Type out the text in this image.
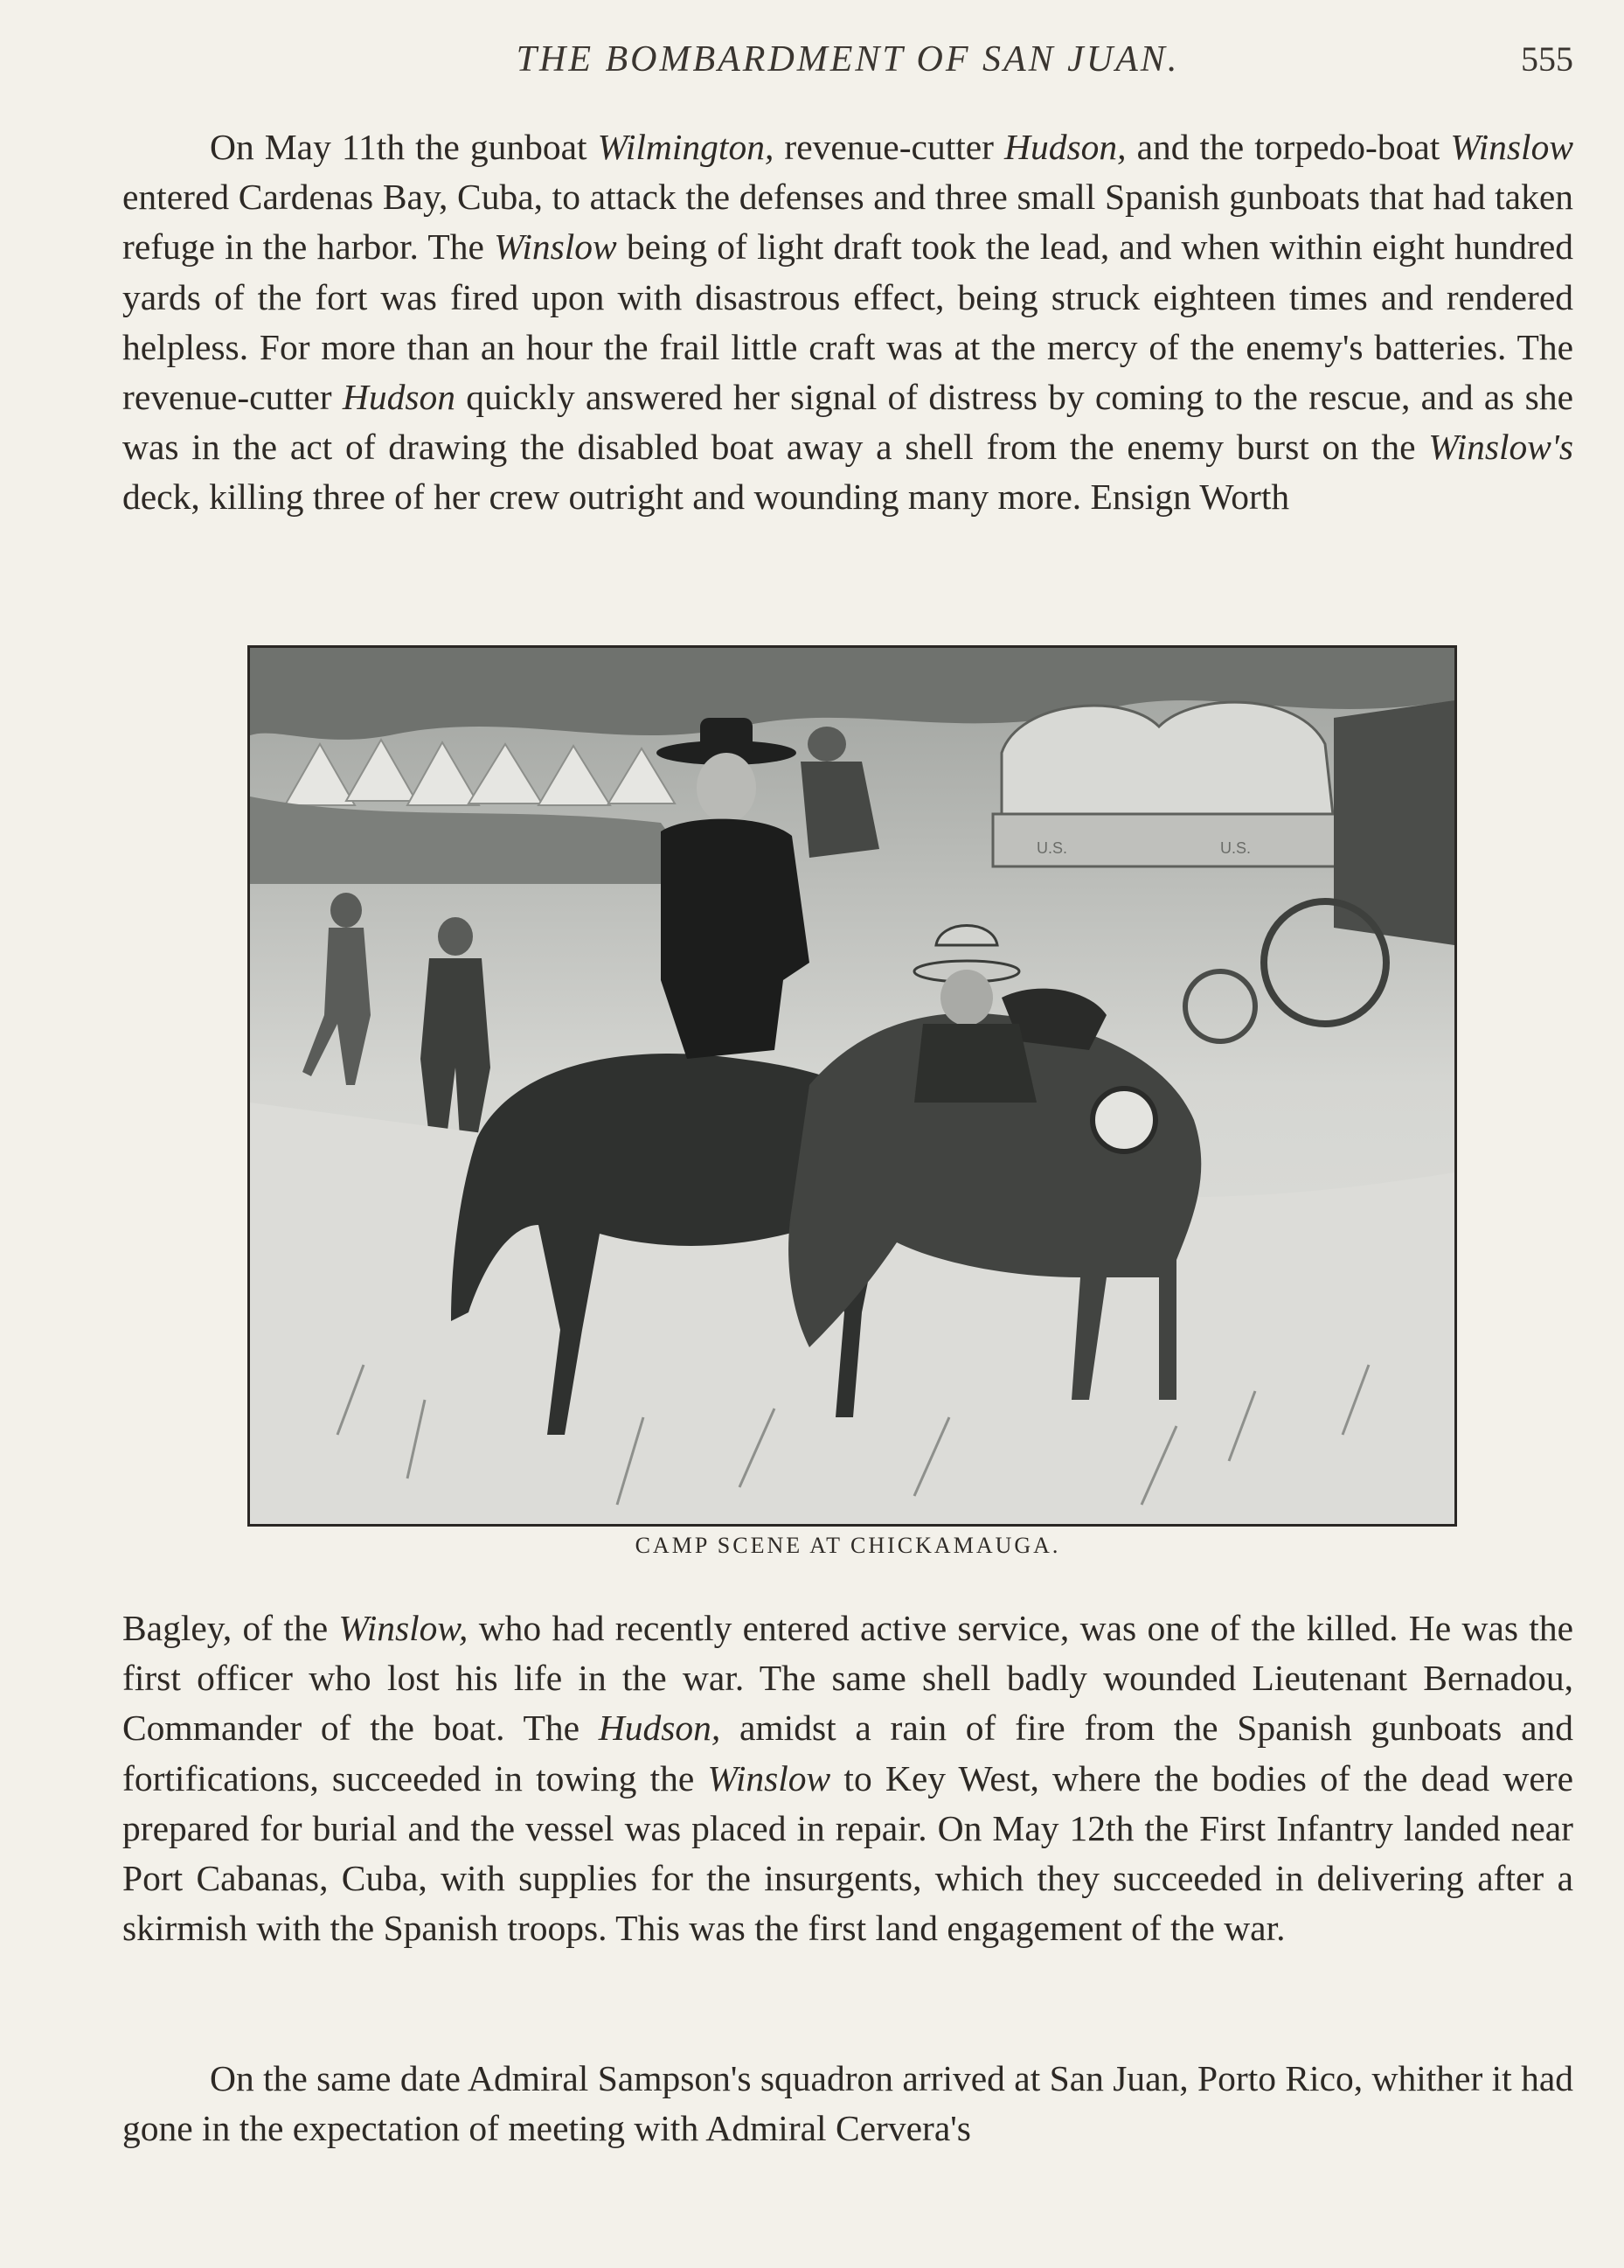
THE BOMBARDMENT OF SAN JUAN.	555

On May 11th the gunboat Wilmington, revenue-cutter Hudson, and the torpedo-boat Winslow entered Cardenas Bay, Cuba, to attack the defenses and three small Spanish gunboats that had taken refuge in the harbor. The Winslow being of light draft took the lead, and when within eight hundred yards of the fort was fired upon with disastrous effect, being struck eighteen times and rendered helpless. For more than an hour the frail little craft was at the mercy of the enemy's batteries. The revenue-cutter Hudson quickly answered her signal of distress by coming to the rescue, and as she was in the act of drawing the disabled boat away a shell from the enemy burst on the Winslow's deck, killing three of her crew outright and wounding many more. Ensign Worth

U.S.	U.S.
CAMP SCENE AT CHICKAMAUGA.

Bagley, of the Winslow, who had recently entered active service, was one of the killed. He was the first officer who lost his life in the war. The same shell badly wounded Lieutenant Bernadou, Commander of the boat. The Hudson, amidst a rain of fire from the Spanish gunboats and fortifications, succeeded in towing the Winslow to Key West, where the bodies of the dead were prepared for burial and the vessel was placed in repair. On May 12th the First Infantry landed near Port Cabanas, Cuba, with supplies for the insurgents, which they succeeded in delivering after a skirmish with the Spanish troops. This was the first land engagement of the war.

On the same date Admiral Sampson's squadron arrived at San Juan, Porto Rico, whither it had gone in the expectation of meeting with Admiral Cervera's
